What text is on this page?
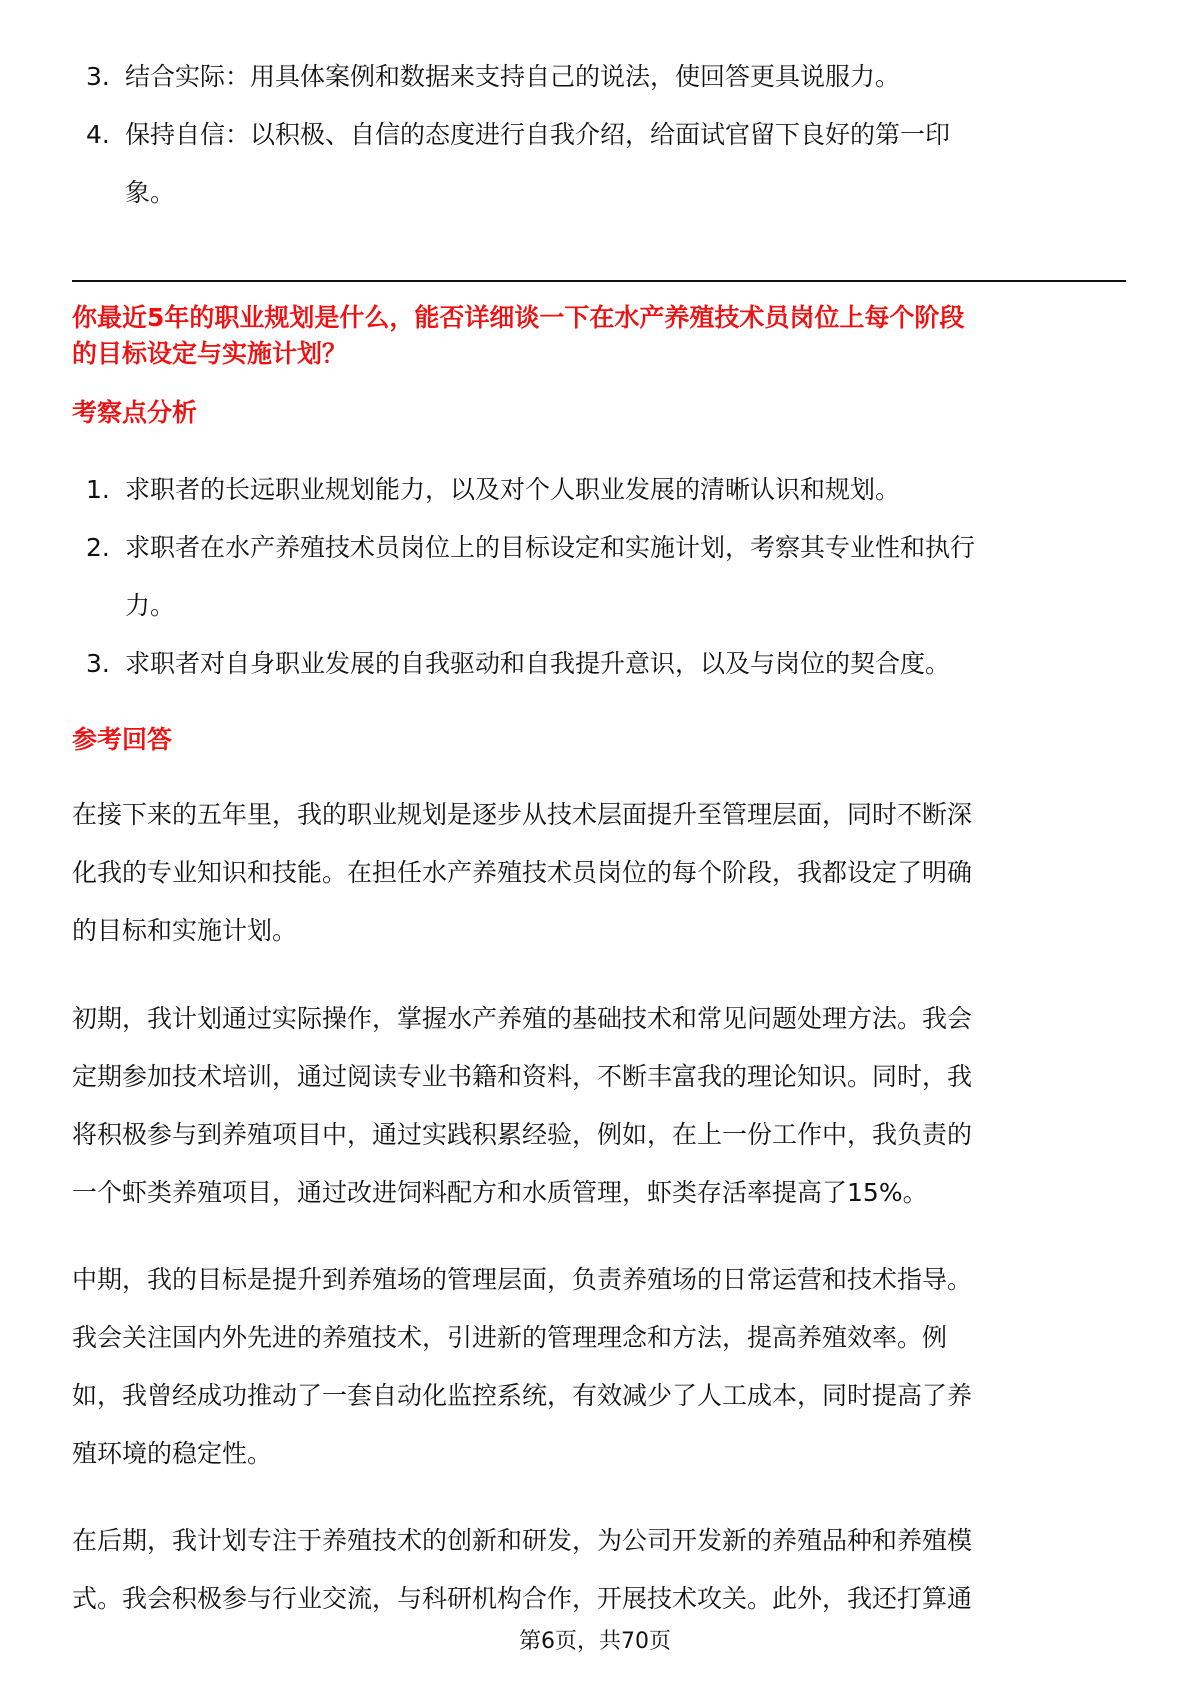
3. 结合实际：用具体案例和数据来支持自己的说法，使回答更具说服力。
4. 保持自信：以积极、自信的态度进行自我介绍，给面试官留下良好的第一印
象。
你最近5年的职业规划是什么，能否详细谈一下在水产养殖技术员岗位上每个阶段
的目标设定与实施计划？
考察点分析
1. 求职者的长远职业规划能力，以及对个人职业发展的清晰认识和规划。
2. 求职者在水产养殖技术员岗位上的目标设定和实施计划，考察其专业性和执行
力。
3. 求职者对自身职业发展的自我驱动和自我提升意识，以及与岗位的契合度。
参考回答
在接下来的五年里，我的职业规划是逐步从技术层面提升至管理层面，同时不断深
化我的专业知识和技能。在担任水产养殖技术员岗位的每个阶段，我都设定了明确
的目标和实施计划。
初期，我计划通过实际操作，掌握水产养殖的基础技术和常见问题处理方法。我会
定期参加技术培训，通过阅读专业书籍和资料，不断丰富我的理论知识。同时，我
将积极参与到养殖项目中，通过实践积累经验，例如，在上一份工作中，我负责的
一个虾类养殖项目，通过改进饲料配方和水质管理，虾类存活率提高了15%。
中期，我的目标是提升到养殖场的管理层面，负责养殖场的日常运营和技术指导。
我会关注国内外先进的养殖技术，引进新的管理理念和方法，提高养殖效率。例
如，我曾经成功推动了一套自动化监控系统，有效减少了人工成本，同时提高了养
殖环境的稳定性。
在后期，我计划专注于养殖技术的创新和研发，为公司开发新的养殖品种和养殖模
式。我会积极参与行业交流，与科研机构合作，开展技术攻关。此外，我还打算通
第6页，共70页
